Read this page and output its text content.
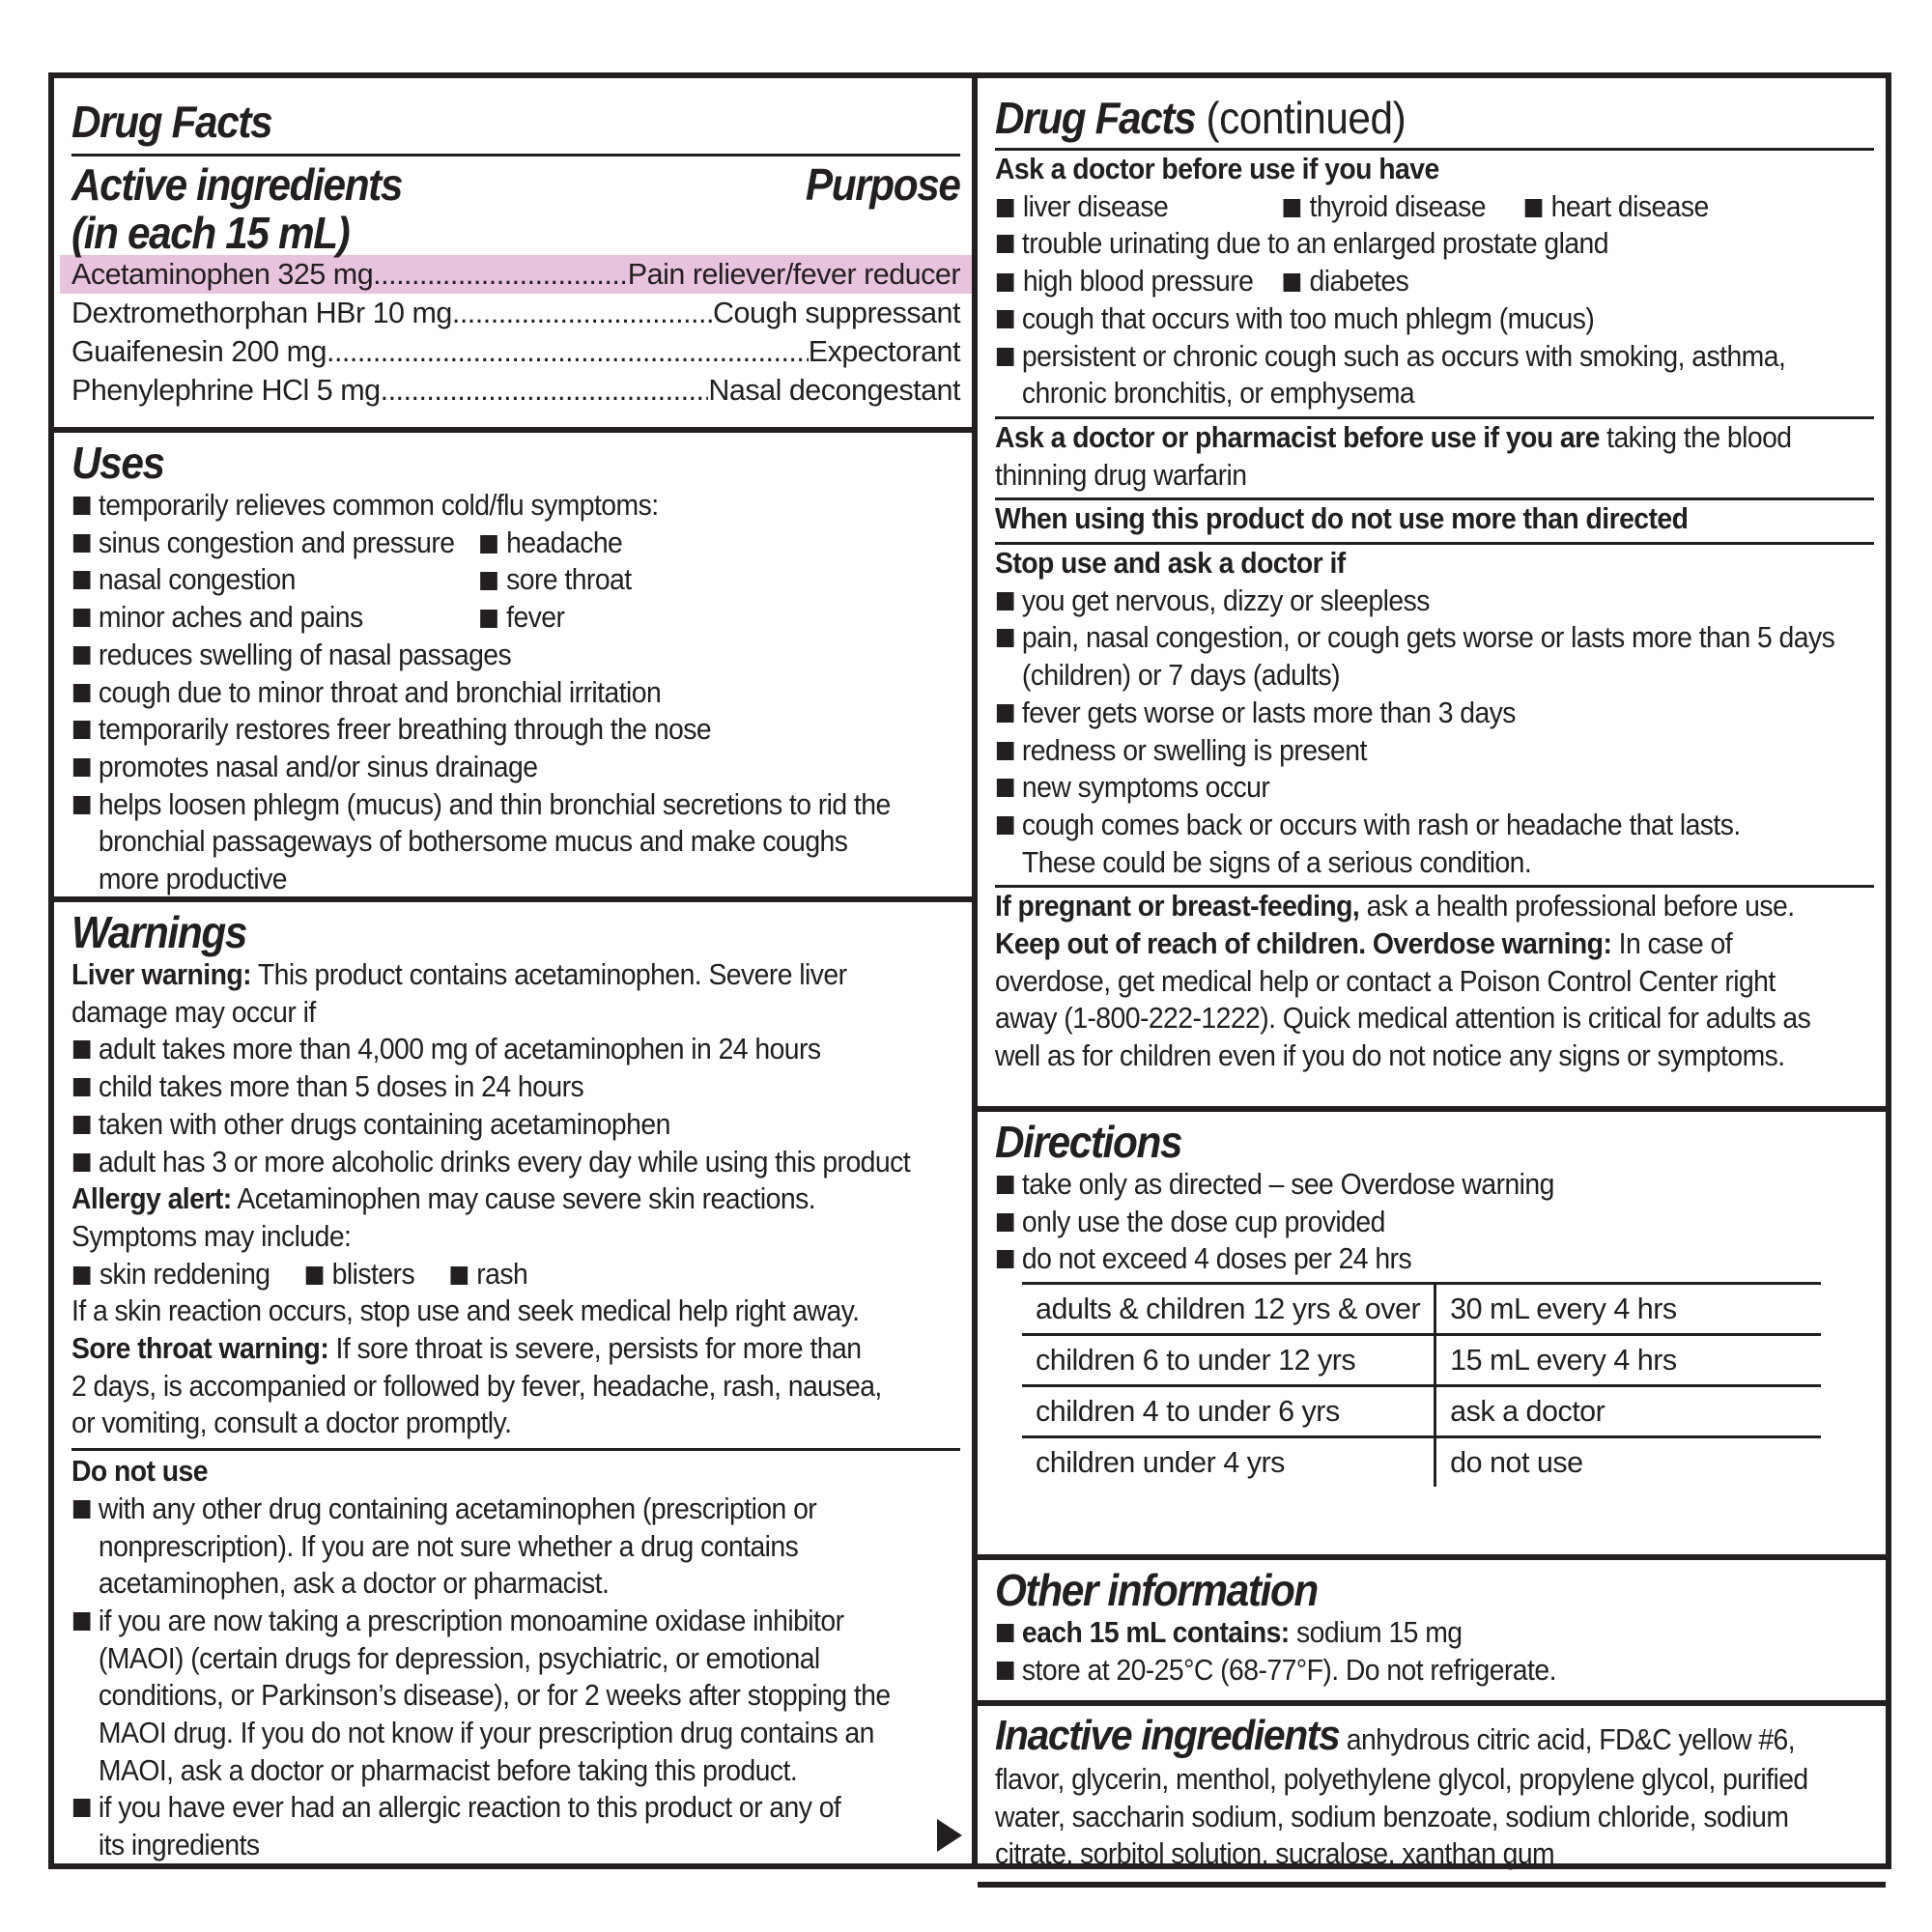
Drug Facts
Active ingredients
(in each 15 mL)
Purpose
Acetaminophen 325 mg .....	Pain reliever/fever reducer
Dextromethorphan HBr 10 mg .....	Cough suppressant
Guaifenesin 200 mg .....	Expectorant
Phenylephrine HCl 5 mg .....	Nasal decongestant
Uses
temporarily relieves common cold/flu symptoms:
sinus congestion and pressure headache
nasal congestion	sore throat
minor aches and pains	fever
reduces swelling of nasal passages
cough due to minor throat and bronchial irritation
temporarily restores freer breathing through the nose
promotes nasal and/or sinus drainage
helps loosen phlegm (mucus) and thin bronchial secretions to rid the
bronchial passageways of bothersome mucus and make coughs
more productive
Warnings
Liver warning: This product contains acetaminophen. Severe liver
damage may occur if
adult takes more than 4,000 mg of acetaminophen in 24 hours
child takes more than 5 doses in 24 hours
taken with other drugs containing acetaminophen
adult has 3 or more alcoholic drinks every day while using this product
Allergy alert: Acetaminophen may cause severe skin reactions.
Symptoms may include:
skin reddening blisters rash
If a skin reaction occurs, stop use and seek medical help right away.
Sore throat warning: If sore throat is severe, persists for more than
2 days, is accompanied or followed by fever, headache, rash, nausea,
or vomiting, consult a doctor promptly.
Do not use
with any other drug containing acetaminophen (prescription or
nonprescription). If you are not sure whether a drug contains
acetaminophen, ask a doctor or pharmacist.
if you are now taking a prescription monoamine oxidase inhibitor
(MAOI) (certain drugs for depression, psychiatric, or emotional
conditions, or Parkinson’s disease), or for 2 weeks after stopping the
MAOI drug. If you do not know if your prescription drug contains an
MAOI, ask a doctor or pharmacist before taking this product.
if you have ever had an allergic reaction to this product or any of
its ingredients
Drug Facts (continued)
Ask a doctor before use if you have
liver disease	thyroid disease heart disease
trouble urinating due to an enlarged prostate gland
high blood pressure diabetes
cough that occurs with too much phlegm (mucus)
persistent or chronic cough such as occurs with smoking, asthma,
chronic bronchitis, or emphysema
Ask a doctor or pharmacist before use if you are taking the blood
thinning drug warfarin
When using this product do not use more than directed
Stop use and ask a doctor if
you get nervous, dizzy or sleepless
pain, nasal congestion, or cough gets worse or lasts more than 5 days
(children) or 7 days (adults)
fever gets worse or lasts more than 3 days
redness or swelling is present
new symptoms occur
cough comes back or occurs with rash or headache that lasts.
These could be signs of a serious condition.
If pregnant or breast-feeding, ask a health professional before use.
Keep out of reach of children. Overdose warning: In case of
overdose, get medical help or contact a Poison Control Center right
away (1-800-222-1222). Quick medical attention is critical for adults as
well as for children even if you do not notice any signs or symptoms.
Directions
take only as directed – see Overdose warning
only use the dose cup provided
do not exceed 4 doses per 24 hrs
adults & children 12 yrs & over	30 mL every 4 hrs
children 6 to under 12 yrs	15 mL every 4 hrs
children 4 to under 6 yrs	ask a doctor
children under 4 yrs	do not use
Other information
each 15 mL contains: sodium 15 mg
store at 20-25°C (68-77°F). Do not refrigerate.
Inactive ingredients anhydrous citric acid, FD&C yellow #6,
flavor, glycerin, menthol, polyethylene glycol, propylene glycol, purified
water, saccharin sodium, sodium benzoate, sodium chloride, sodium
citrate, sorbitol solution, sucralose, xanthan gum
